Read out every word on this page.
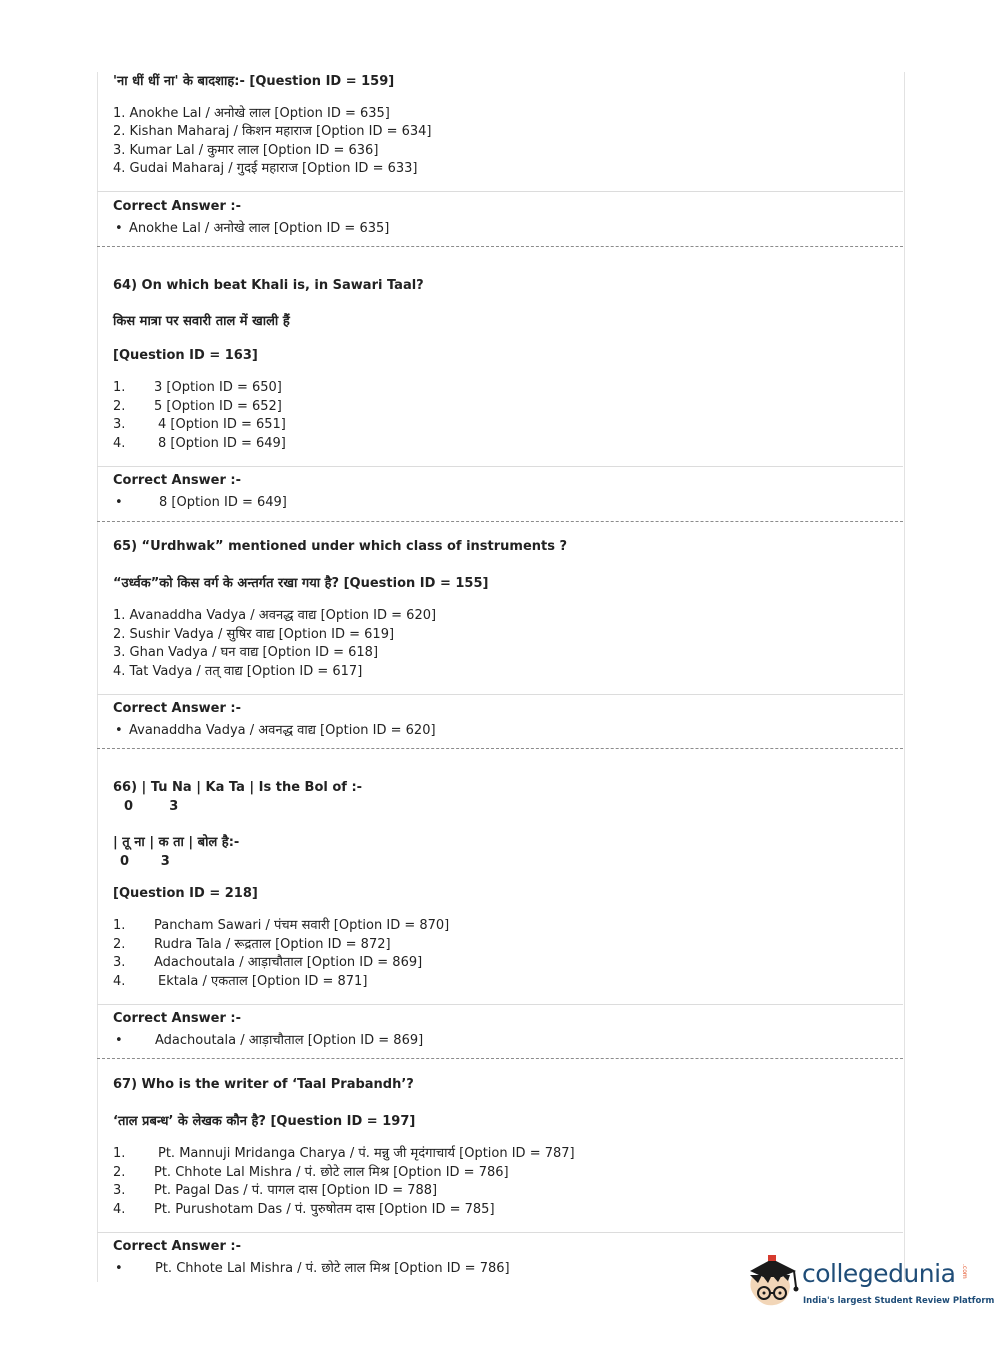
'ना धीं धीं ना' के बादशाह:- [Question ID = 159]
1. Anokhe Lal / अनोखे लाल [Option ID = 635]
2. Kishan Maharaj / किशन महाराज [Option ID = 634]
3. Kumar Lal / कुमार लाल [Option ID = 636]
4. Gudai Maharaj / गुदई महाराज [Option ID = 633]
Correct Answer :-
• Anokhe Lal / अनोखे लाल [Option ID = 635]
64) On which beat Khali is, in Sawari Taal?
किस मात्रा पर सवारी ताल में खाली हैं
[Question ID = 163]
1. 3 [Option ID = 650]
2. 5 [Option ID = 652]
3.	4 [Option ID = 651]
4.	8 [Option ID = 649]
Correct Answer :-
•	8 [Option ID = 649]
65) “Urdhwak” mentioned under which class of instruments ?
“उर्ध्वक”को किस वर्ग के अन्तर्गत रखा गया है? [Question ID = 155]
1. Avanaddha Vadya / अवनद्ध वाद्य [Option ID = 620]
2. Sushir Vadya / सुषिर वाद्य [Option ID = 619]
3. Ghan Vadya / घन वाद्य [Option ID = 618]
4. Tat Vadya / तत् वाद्य [Option ID = 617]
Correct Answer :-
• Avanaddha Vadya / अवनद्ध वाद्य [Option ID = 620]
66) | Tu Na | Ka Ta | Is the Bol of :-
0        3
| तू ना | क ता | बोल है:-
0       3
[Question ID = 218]
1. Pancham Sawari / पंचम सवारी [Option ID = 870]
2. Rudra Tala / रूद्रताल [Option ID = 872]
3. Adachoutala / आड़ाचौताल [Option ID = 869]
4.	Ektala / एकताल [Option ID = 871]
Correct Answer :-
• Adachoutala / आड़ाचौताल [Option ID = 869]
67) Who is the writer of ‘Taal Prabandh’?
‘ताल प्रबन्ध’ के लेखक कौन है? [Question ID = 197]
1.	Pt. Mannuji Mridanga Charya / पं. मन्नु जी मृदंगाचार्य [Option ID = 787]
2. Pt. Chhote Lal Mishra / पं. छोटे लाल मिश्र [Option ID = 786]
3. Pt. Pagal Das / पं. पागल दास [Option ID = 788]
4. Pt. Purushotam Das / पं. पुरुषोतम दास [Option ID = 785]
Correct Answer :-
• Pt. Chhote Lal Mishra / पं. छोटे लाल मिश्र [Option ID = 786]	collegedunia .com
India's largest Student Review Platform
